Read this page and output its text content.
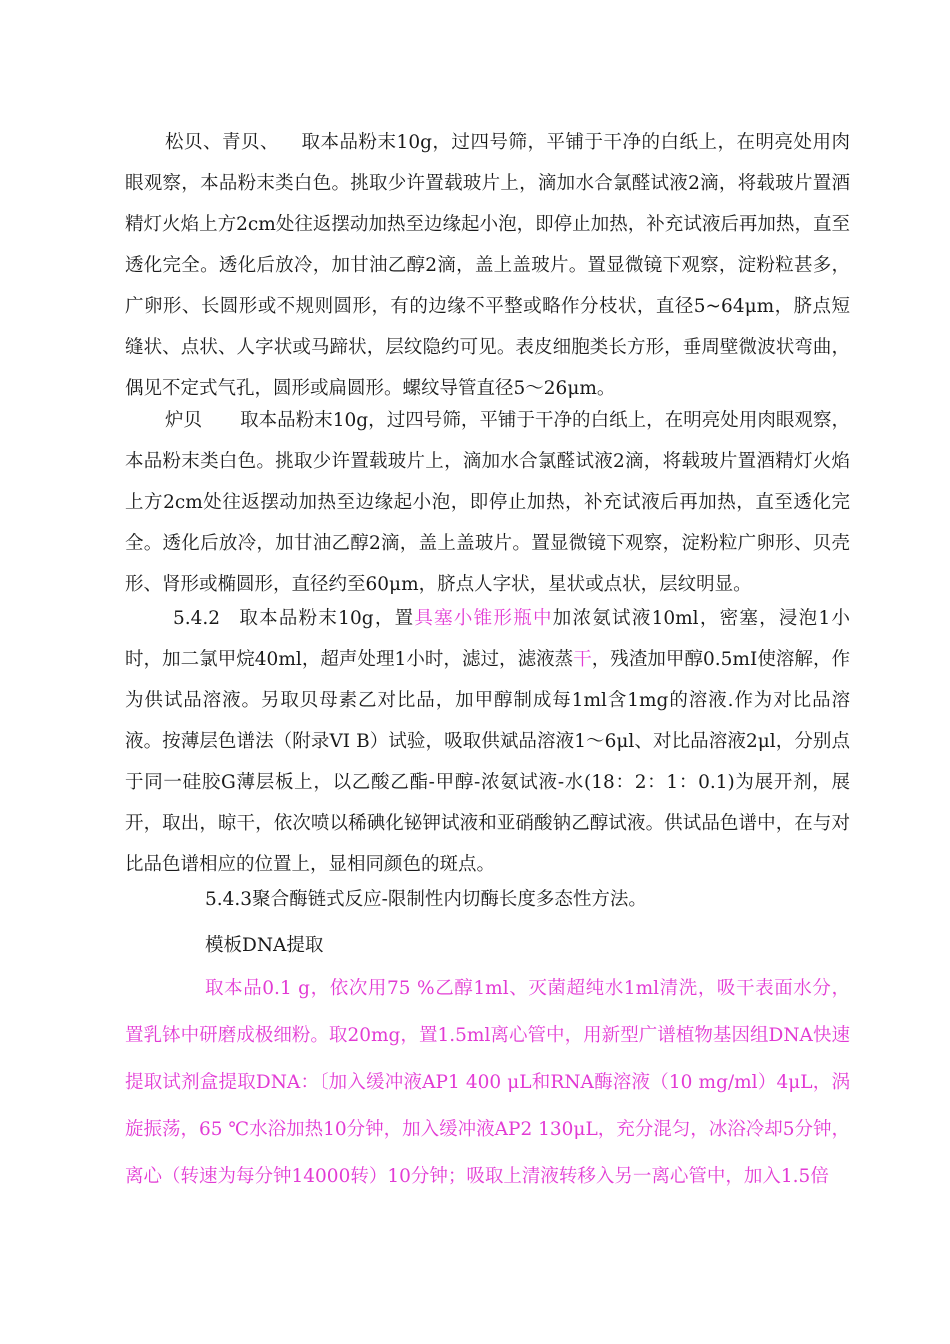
松贝、青贝、 取本品粉末10g，过四号筛，平铺于干净的白纸上，在明亮处用肉眼观察，本品粉末类白色。挑取少许置载玻片上，滴加水合氯醛试液2滴，将载玻片置酒精灯火焰上方2cm处往返摆动加热至边缘起小泡，即停止加热，补充试液后再加热，直至透化完全。透化后放冷，加甘油乙醇2滴，盖上盖玻片。置显微镜下观察，淀粉粒甚多，广卵形、长圆形或不规则圆形，有的边缘不平整或略作分枝状，直径5~64μm，脐点短缝状、点状、人字状或马蹄状，层纹隐约可见。表皮细胞类长方形，垂周壁微波状弯曲，偶见不定式气孔，圆形或扁圆形。螺纹导管直径5～26μm。

炉贝 取本品粉末10g，过四号筛，平铺于干净的白纸上，在明亮处用肉眼观察，本品粉末类白色。挑取少许置载玻片上，滴加水合氯醛试液2滴，将载玻片置酒精灯火焰上方2cm处往返摆动加热至边缘起小泡，即停止加热，补充试液后再加热，直至透化完全。透化后放冷，加甘油乙醇2滴，盖上盖玻片。置显微镜下观察，淀粉粒广卵形、贝壳形、肾形或椭圆形，直径约至60μm，脐点人字状，星状或点状，层纹明显。

5.4.2 取本品粉末10g，置具塞小锥形瓶中加浓氨试液10ml，密塞，浸泡1小时，加二氯甲烷40ml，超声处理1小时，滤过，滤液蒸干，残渣加甲醇0.5mI使溶解，作为供试品溶液。另取贝母素乙对比品，加甲醇制成每1ml含1mg的溶液.作为对比品溶液。按薄层色谱法（附录VI B）试验，吸取供斌品溶液1～6μl、对比品溶液2μl，分别点于同一硅胶G薄层板上，以乙酸乙酯-甲醇-浓氨试液-水(18：2：1：0.1)为展开剂，展开，取出，晾干，依次喷以稀碘化铋钾试液和亚硝酸钠乙醇试液。供试品色谱中，在与对比品色谱相应的位置上，显相同颜色的斑点。

5.4.3聚合酶链式反应-限制性内切酶长度多态性方法。

模板DNA提取

取本品0.1 g，依次用75 %乙醇1ml、灭菌超纯水1ml清洗，吸干表面水分，置乳钵中研磨成极细粉。取20mg，置1.5ml离心管中，用新型广谱植物基因组DNA快速提取试剂盒提取DNA：〔加入缓冲液AP1 400 μL和RNA酶溶液（10 mg/ml）4μL，涡旋振荡，65 ℃水浴加热10分钟，加入缓冲液AP2 130μL，充分混匀，冰浴冷却5分钟，离心（转速为每分钟14000转）10分钟；吸取上清液转移入另一离心管中，加入1.5倍
